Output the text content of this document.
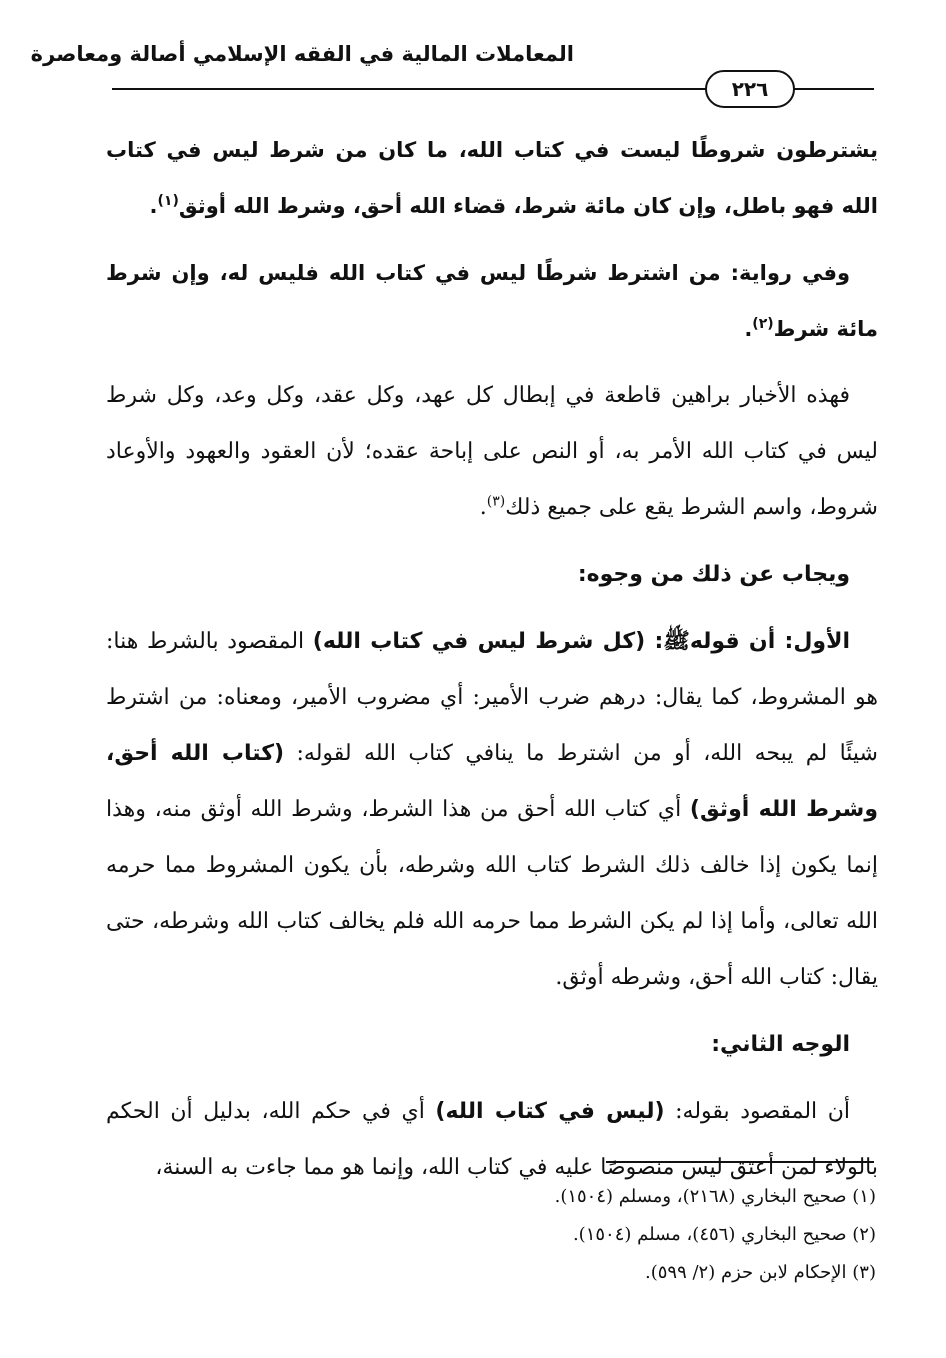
المعاملات المالية في الفقه الإسلامي أصالة ومعاصرة
٢٢٦

يشترطون شروطًا ليست في كتاب الله، ما كان من شرط ليس في كتاب الله فهو باطل، وإن كان مائة شرط، قضاء الله أحق، وشرط الله أوثق$^{(١)}$.

وفي رواية: من اشترط شرطًا ليس في كتاب الله فليس له، وإن شرط مائة شرط$^{(٢)}$.

فهذه الأخبار براهين قاطعة في إبطال كل عهد، وكل عقد، وكل وعد، وكل شرط ليس في كتاب الله الأمر به، أو النص على إباحة عقده؛ لأن العقود والعهود والأوعاد شروط، واسم الشرط يقع على جميع ذلك$^{(٣)}$.

ويجاب عن ذلك من وجوه:

الأول: أن قولهﷺ: (كل شرط ليس في كتاب الله) المقصود بالشرط هنا: هو المشروط، كما يقال: درهم ضرب الأمير: أي مضروب الأمير، ومعناه: من اشترط شيئًا لم يبحه الله، أو من اشترط ما ينافي كتاب الله لقوله: (كتاب الله أحق، وشرط الله أوثق) أي كتاب الله أحق من هذا الشرط، وشرط الله أوثق منه، وهذا إنما يكون إذا خالف ذلك الشرط كتاب الله وشرطه، بأن يكون المشروط مما حرمه الله تعالى، وأما إذا لم يكن الشرط مما حرمه الله فلم يخالف كتاب الله وشرطه، حتى يقال: كتاب الله أحق، وشرطه أوثق.

الوجه الثاني:

أن المقصود بقوله: (ليس في كتاب الله) أي في حكم الله، بدليل أن الحكم بالولاء لمن أعتق ليس منصوصًا عليه في كتاب الله، وإنما هو مما جاءت به السنة،

(١) صحيح البخاري (٢١٦٨)، ومسلم (١٥٠٤).

(٢) صحيح البخاري (٤٥٦)، مسلم (١٥٠٤).

(٣) الإحكام لابن حزم (٢/ ٥٩٩).
